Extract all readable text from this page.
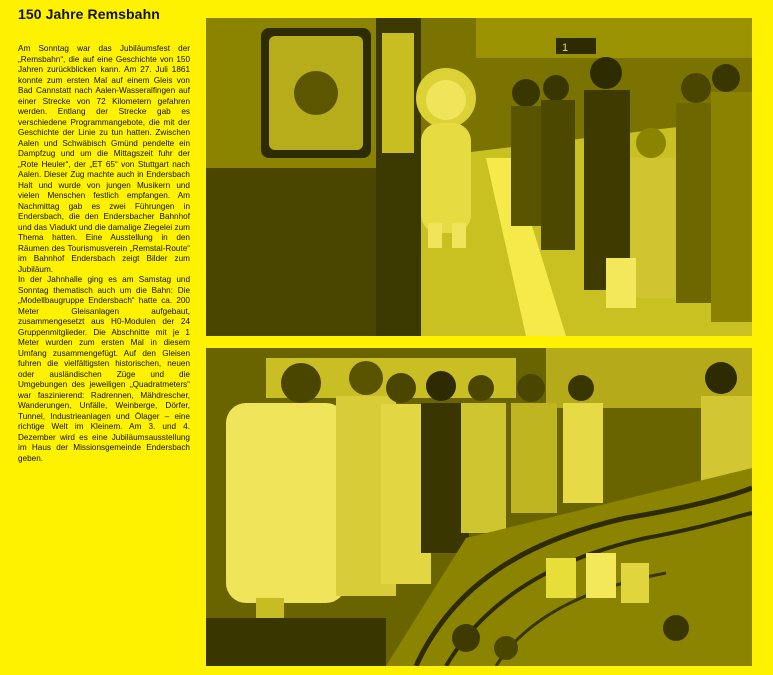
150 Jahre Remsbahn

Am Sonntag war das Jubiläumsfest der „Remsbahn“, die auf eine Geschichte von 150 Jahren zurückblicken kann. Am 27. Juli 1861 konnte zum ersten Mal auf einem Gleis von Bad Cannstatt nach Aalen-Wasseralfingen auf einer Strecke von 72 Kilometern gefahren werden. Entlang der Strecke gab es verschiedene Programmangebote, die mit der Geschichte der Linie zu tun hatten. Zwischen Aalen und Schwäbisch Gmünd pendelte ein Dampfzug und um die Mittagszeit fuhr der „Rote Heuler“, der „ET 65“ von Stuttgart nach Aalen. Dieser Zug machte auch in Endersbach Halt und wurde von jungen Musikern und vielen Menschen festlich empfangen. Am Nachmittag gab es zwei Führungen in Endersbach, die den Endersbacher Bahnhof und das Viadukt und die damalige Ziegelei zum Thema hatten. Eine Ausstellung in den Räumen des Tourismusverein „Remstal-Route“ im Bahnhof Endersbach zeigt Bilder zum Jubiläum.

In der Jahnhalle ging es am Samstag und Sonntag thematisch auch um die Bahn: Die „Modellbaugruppe Endersbach“ hatte ca. 200 Meter Gleisanlagen aufgebaut, zusammengesetzt aus H0-Modulen der 24 Gruppenmitglieder. Die Abschnitte mit je 1 Meter wurden zum ersten Mal in diesem Umfang zusammengefügt. Auf den Gleisen fuhren die vielfältigsten historischen, neuen oder ausländischen Züge und die Umgebungen des jeweiligen „Quadratmeters“ war faszinierend: Radrennen, Mähdrescher, Wanderungen, Unfälle, Weinberge, Dörfer, Tunnel, Industrieanlagen und Ölager – eine richtige Welt im Kleinem. Am 3. und 4. Dezember wird es eine Jubiläumsausstellung im Haus der Missionsgemeinde Endersbach geben.

1
